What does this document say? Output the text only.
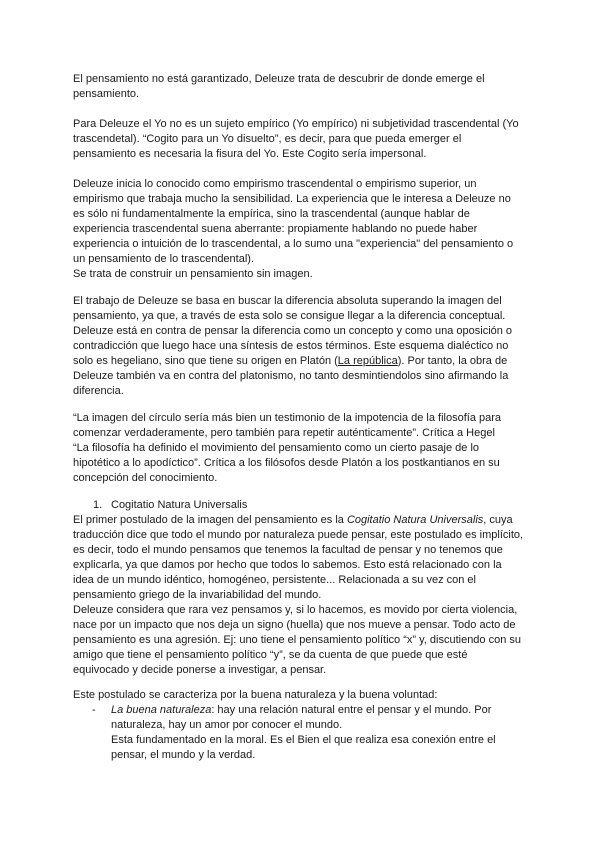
El pensamiento no está garantizado, Deleuze trata de descubrir de donde emerge el
pensamiento.
Para Deleuze el Yo no es un sujeto empírico (Yo empírico) ni subjetividad trascendental (Yo
trascendetal). “Cogito para un Yo disuelto”, es decir, para que pueda emerger el
pensamiento es necesaria la fisura del Yo. Este Cogito sería impersonal.
Deleuze inicia lo conocido como empirismo trascendental o empirismo superior, un
empirismo que trabaja mucho la sensibilidad. La experiencia que le interesa a Deleuze no
es sólo ni fundamentalmente la empírica, sino la trascendental (aunque hablar de
experiencia trascendental suena aberrante: propiamente hablando no puede haber
experiencia o intuición de lo trascendental, a lo sumo una "experiencia" del pensamiento o
un pensamiento de lo trascendental).
Se trata de construir un pensamiento sin imagen.
El trabajo de Deleuze se basa en buscar la diferencia absoluta superando la imagen del
pensamiento, ya que, a través de esta solo se consigue llegar a la diferencia conceptual.
Deleuze está en contra de pensar la diferencia como un concepto y como una oposición o
contradicción que luego hace una síntesis de estos términos. Este esquema dialéctico no
solo es hegeliano, sino que tiene su origen en Platón (La república). Por tanto, la obra de
Deleuze también va en contra del platonismo, no tanto desmintiendolos sino afirmando la
diferencia.
“La imagen del círculo sería más bien un testimonio de la impotencia de la filosofía para
comenzar verdaderamente, pero también para repetir auténticamente”. Crítica a Hegel
“La filosofía ha definido el movimiento del pensamiento como un cierto pasaje de lo
hipotético a lo apodíctico”. Crítica a los filósofos desde Platón a los postkantianos en su
concepción del conocimiento.
1. Cogitatio Natura Universalis
El primer postulado de la imagen del pensamiento es la Cogitatio Natura Universalis, cuya
traducción dice que todo el mundo por naturaleza puede pensar, este postulado es implícito,
es decir, todo el mundo pensamos que tenemos la facultad de pensar y no tenemos que
explicarla, ya que damos por hecho que todos lo sabemos. Esto está relacionado con la
idea de un mundo idéntico, homogéneo, persistente... Relacionada a su vez con el
pensamiento griego de la invariabilidad del mundo.
Deleuze considera que rara vez pensamos y, si lo hacemos, es movido por cierta violencia,
nace por un impacto que nos deja un signo (huella) que nos mueve a pensar. Todo acto de
pensamiento es una agresión. Ej: uno tiene el pensamiento político “x” y, discutiendo con su
amigo que tiene el pensamiento político “y”, se da cuenta de que puede que esté
equivocado y decide ponerse a investigar, a pensar.
Este postulado se caracteriza por la buena naturaleza y la buena voluntad:
- La buena naturaleza: hay una relación natural entre el pensar y el mundo. Por
naturaleza, hay un amor por conocer el mundo.
Esta fundamentado en la moral. Es el Bien el que realiza esa conexión entre el
pensar, el mundo y la verdad.
